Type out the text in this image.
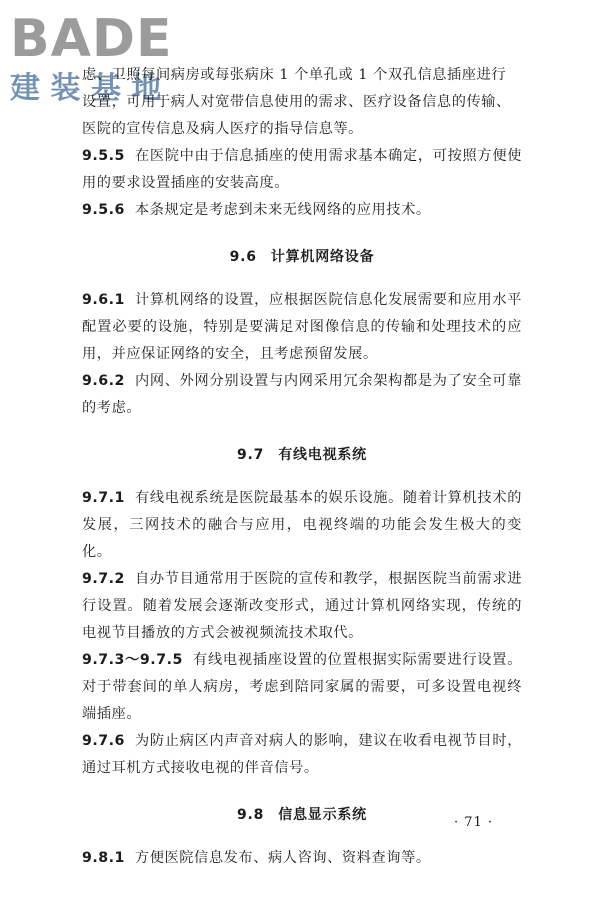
BADE
建 装 基 地

虑、卫照每间病房或每张病床 1 个单孔或 1 个双孔信息插座进行

设置，可用于病人对宽带信息使用的需求、医疗设备信息的传输、

医院的宣传信息及病人医疗的指导信息等。

9.5.5 在医院中由于信息插座的使用需求基本确定，可按照方便使用的要求设置插座的安装高度。

9.5.6 本条规定是考虑到未来无线网络的应用技术。

9.6 计算机网络设备

9.6.1 计算机网络的设置，应根据医院信息化发展需要和应用水平配置必要的设施，特别是要满足对图像信息的传输和处理技术的应用，并应保证网络的安全，且考虑预留发展。

9.6.2 内网、外网分别设置与内网采用冗余架构都是为了安全可靠的考虑。

9.7 有线电视系统

9.7.1 有线电视系统是医院最基本的娱乐设施。随着计算机技术的发展，三网技术的融合与应用，电视终端的功能会发生极大的变化。

9.7.2 自办节目通常用于医院的宣传和教学，根据医院当前需求进行设置。随着发展会逐渐改变形式，通过计算机网络实现，传统的电视节目播放的方式会被视频流技术取代。

9.7.3～9.7.5 有线电视插座设置的位置根据实际需要进行设置。对于带套间的单人病房，考虑到陪同家属的需要，可多设置电视终端插座。

9.7.6 为防止病区内声音对病人的影响，建议在收看电视节目时，通过耳机方式接收电视的伴音信号。

9.8 信息显示系统

9.8.1 方便医院信息发布、病人咨询、资料查询等。

· 71 ·
